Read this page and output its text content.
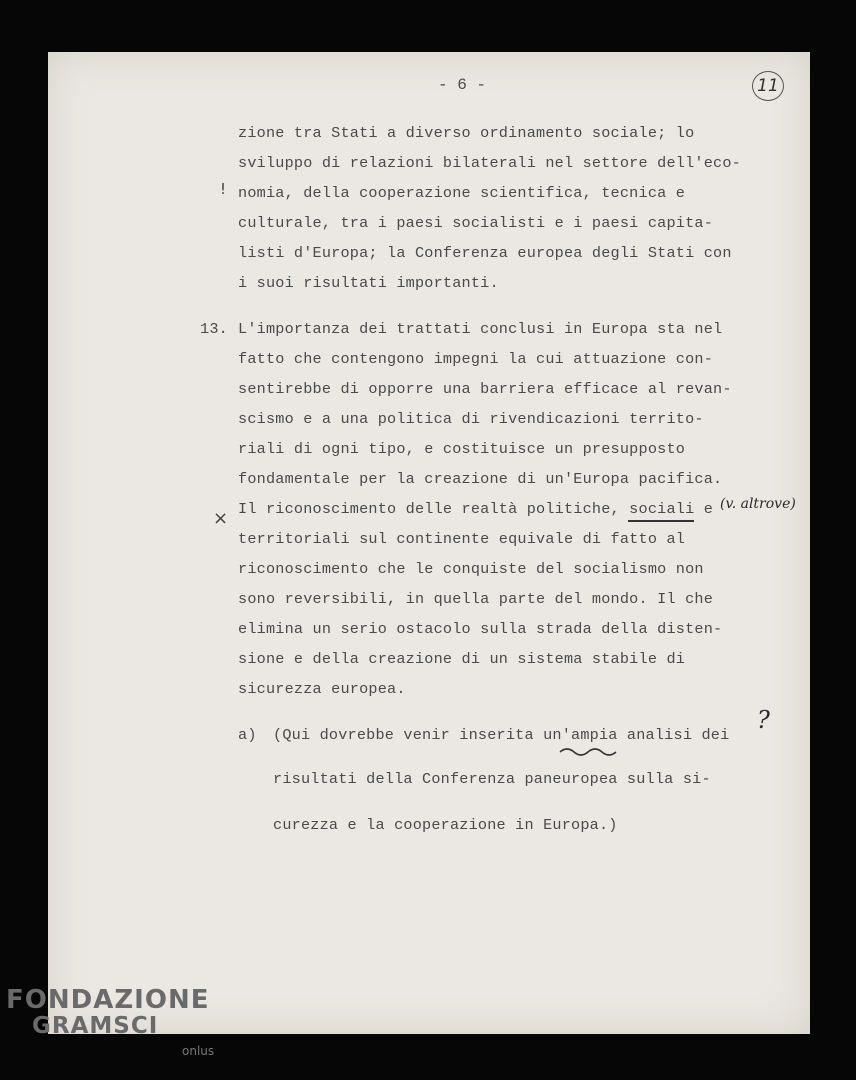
- 6 -	11
zione tra Stati a diverso ordinamento sociale; lo
sviluppo di relazioni bilaterali nel settore dell'eco-
nomia, della cooperazione scientifica, tecnica e
culturale, tra i paesi socialisti e i paesi capita-
listi d'Europa; la Conferenza europea degli Stati con
i suoi risultati importanti.
13. L'importanza dei trattati conclusi in Europa sta nel
fatto che contengono impegni la cui attuazione con-
sentirebbe di opporre una barriera efficace al revan-
scismo e a una politica di rivendicazioni territo-
riali di ogni tipo, e costituisce un presupposto
fondamentale per la creazione di un'Europa pacifica.
Il riconoscimento delle realtà politiche, sociali e
territoriali sul continente equivale di fatto al
riconoscimento che le conquiste del socialismo non
sono reversibili, in quella parte del mondo. Il che
elimina un serio ostacolo sulla strada della disten-
sione e della creazione di un sistema stabile di
sicurezza europea.
a) (Qui dovrebbe venir inserita un'ampia analisi dei
risultati della Conferenza paneuropea sulla si-
curezza e la cooperazione in Europa.)
!
×
?
(v. altrove)
FONDAZIONE
GRAMSCI
onlus
